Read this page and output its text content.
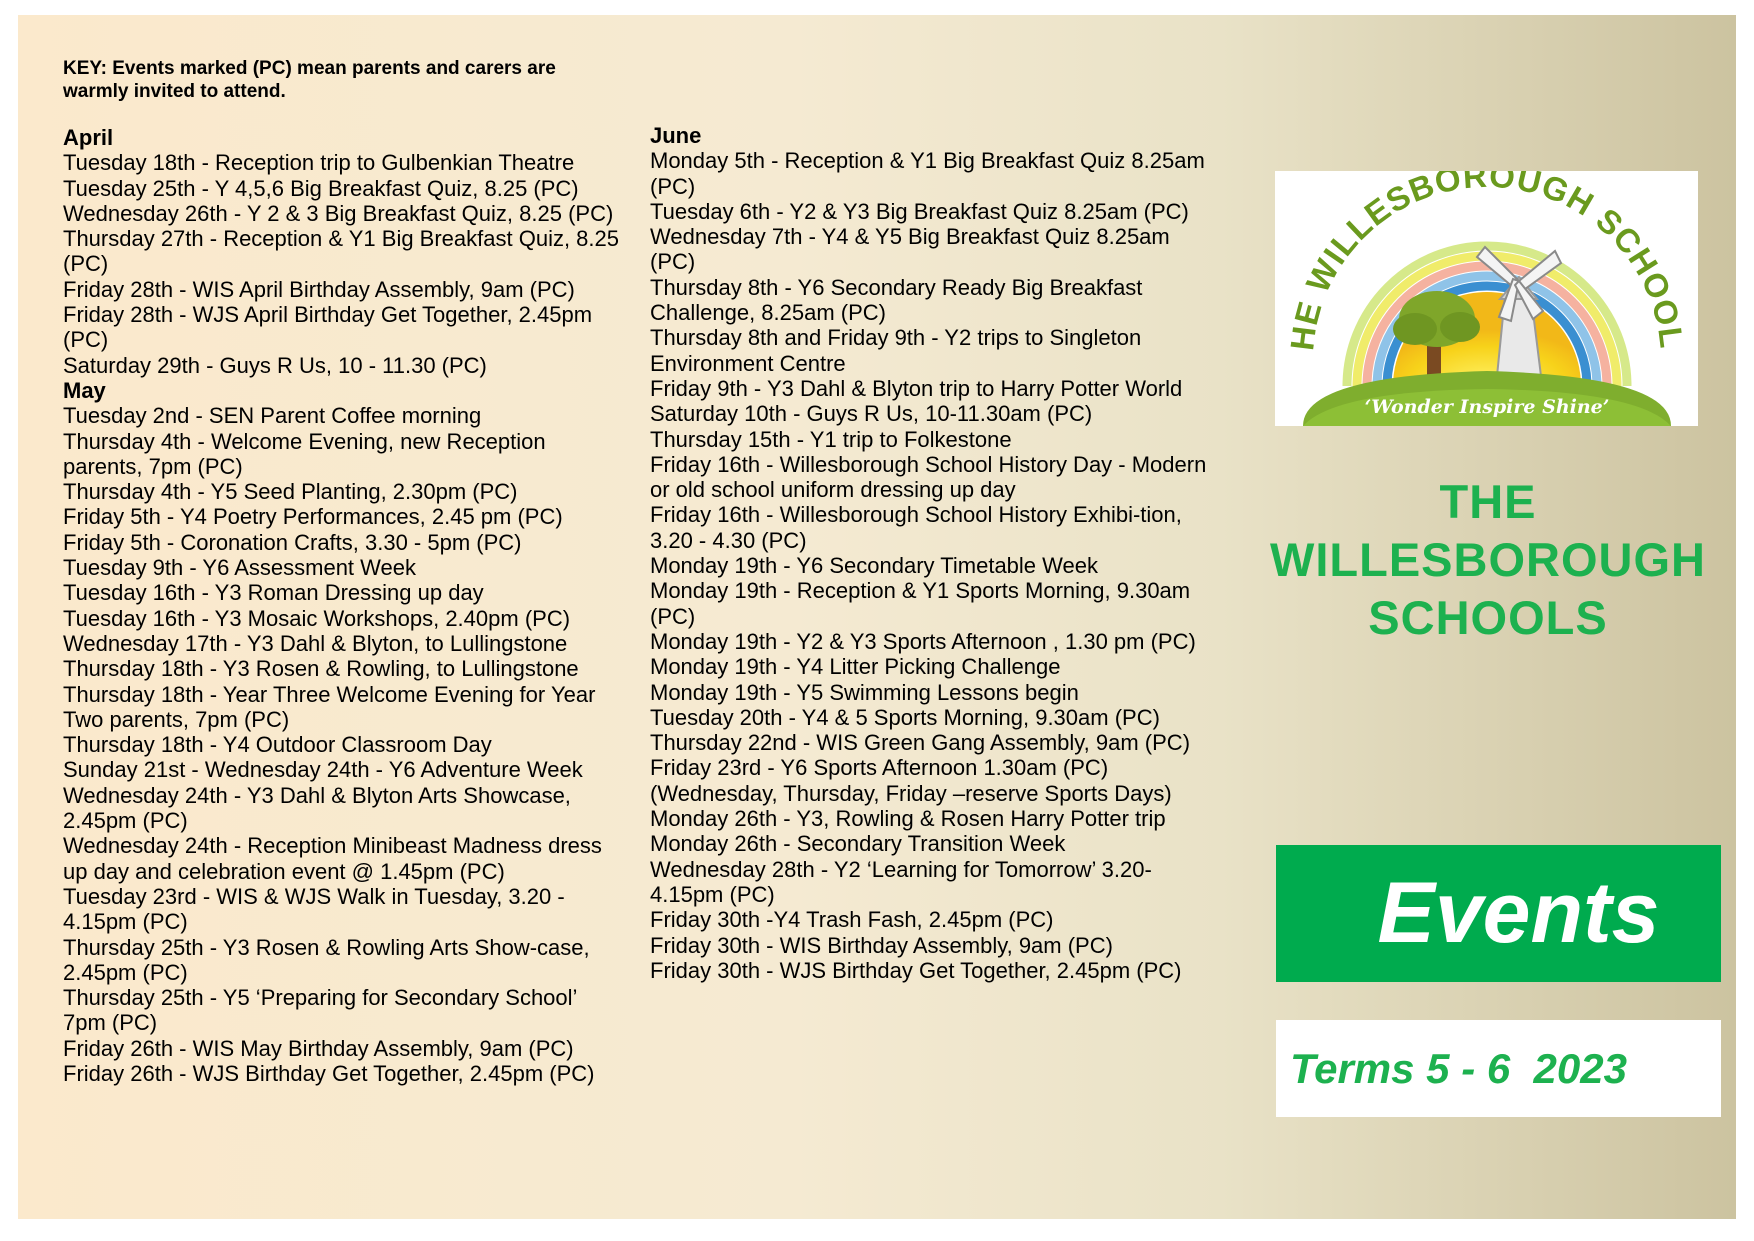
KEY: Events marked (PC) mean parents and carers are warmly invited to attend.
April
Tuesday 18th - Reception trip to Gulbenkian Theatre
Tuesday 25th - Y 4,5,6 Big Breakfast Quiz, 8.25 (PC)
Wednesday 26th - Y 2 & 3 Big Breakfast Quiz, 8.25 (PC)
Thursday 27th - Reception & Y1 Big Breakfast Quiz, 8.25 (PC)
Friday 28th - WIS April Birthday Assembly, 9am (PC)
Friday 28th - WJS April Birthday Get Together, 2.45pm (PC)
Saturday 29th - Guys R Us, 10 - 11.30 (PC)
May
Tuesday 2nd - SEN Parent Coffee morning
Thursday 4th - Welcome Evening, new Reception parents, 7pm (PC)
Thursday 4th - Y5 Seed Planting, 2.30pm (PC)
Friday 5th - Y4 Poetry Performances, 2.45 pm (PC)
Friday 5th - Coronation Crafts, 3.30 - 5pm (PC)
Tuesday 9th - Y6 Assessment Week
Tuesday 16th - Y3 Roman Dressing up day
Tuesday 16th - Y3 Mosaic Workshops, 2.40pm (PC)
Wednesday 17th - Y3 Dahl & Blyton, to Lullingstone
Thursday 18th - Y3 Rosen & Rowling, to Lullingstone
Thursday 18th - Year Three Welcome Evening for Year Two parents, 7pm (PC)
Thursday 18th - Y4 Outdoor Classroom Day
Sunday 21st - Wednesday 24th - Y6 Adventure Week
Wednesday 24th - Y3 Dahl & Blyton Arts Showcase, 2.45pm (PC)
Wednesday 24th - Reception Minibeast Madness dress up day and celebration event @ 1.45pm (PC)
Tuesday 23rd - WIS & WJS Walk in Tuesday, 3.20 - 4.15pm (PC)
Thursday 25th - Y3 Rosen & Rowling Arts Show-case, 2.45pm (PC)
Thursday 25th - Y5 ‘Preparing for Secondary School’ 7pm (PC)
Friday 26th - WIS May Birthday Assembly, 9am (PC)
Friday 26th - WJS Birthday Get Together, 2.45pm (PC)
June
Monday 5th - Reception & Y1 Big Breakfast Quiz 8.25am (PC)
Tuesday 6th - Y2 & Y3 Big Breakfast Quiz 8.25am (PC)
Wednesday 7th - Y4 & Y5 Big Breakfast Quiz 8.25am (PC)
Thursday 8th - Y6 Secondary Ready Big Breakfast Challenge, 8.25am (PC)
Thursday 8th and Friday 9th - Y2 trips to Singleton Environment Centre
Friday 9th - Y3 Dahl & Blyton trip to Harry Potter World
Saturday 10th - Guys R Us, 10-11.30am (PC)
Thursday 15th - Y1 trip to Folkestone
Friday 16th - Willesborough School History Day - Modern or old school uniform dressing up day
Friday 16th - Willesborough School History Exhibi-tion, 3.20 - 4.30 (PC)
Monday 19th - Y6 Secondary Timetable Week
Monday 19th - Reception & Y1 Sports Morning, 9.30am (PC)
Monday 19th - Y2 & Y3 Sports Afternoon , 1.30 pm (PC)
Monday 19th - Y4 Litter Picking Challenge
Monday 19th - Y5 Swimming Lessons begin
Tuesday 20th - Y4 & 5 Sports Morning, 9.30am (PC)
Thursday 22nd - WIS Green Gang Assembly, 9am (PC)
Friday 23rd - Y6 Sports Afternoon 1.30am (PC) (Wednesday, Thursday, Friday –reserve Sports Days)
Monday 26th - Y3, Rowling & Rosen Harry Potter trip
Monday 26th - Secondary Transition Week
Wednesday 28th - Y2 ‘Learning for Tomorrow’ 3.20-4.15pm (PC)
Friday 30th -Y4 Trash Fash, 2.45pm (PC)
Friday 30th - WIS Birthday Assembly, 9am (PC)
Friday 30th - WJS Birthday Get Together, 2.45pm (PC)
HE WILLESBOROUGH SCHOOL
‘Wonder Inspire Shine’
THE
WILLESBOROUGH
SCHOOLS
Events
Terms 5 - 6  2023
